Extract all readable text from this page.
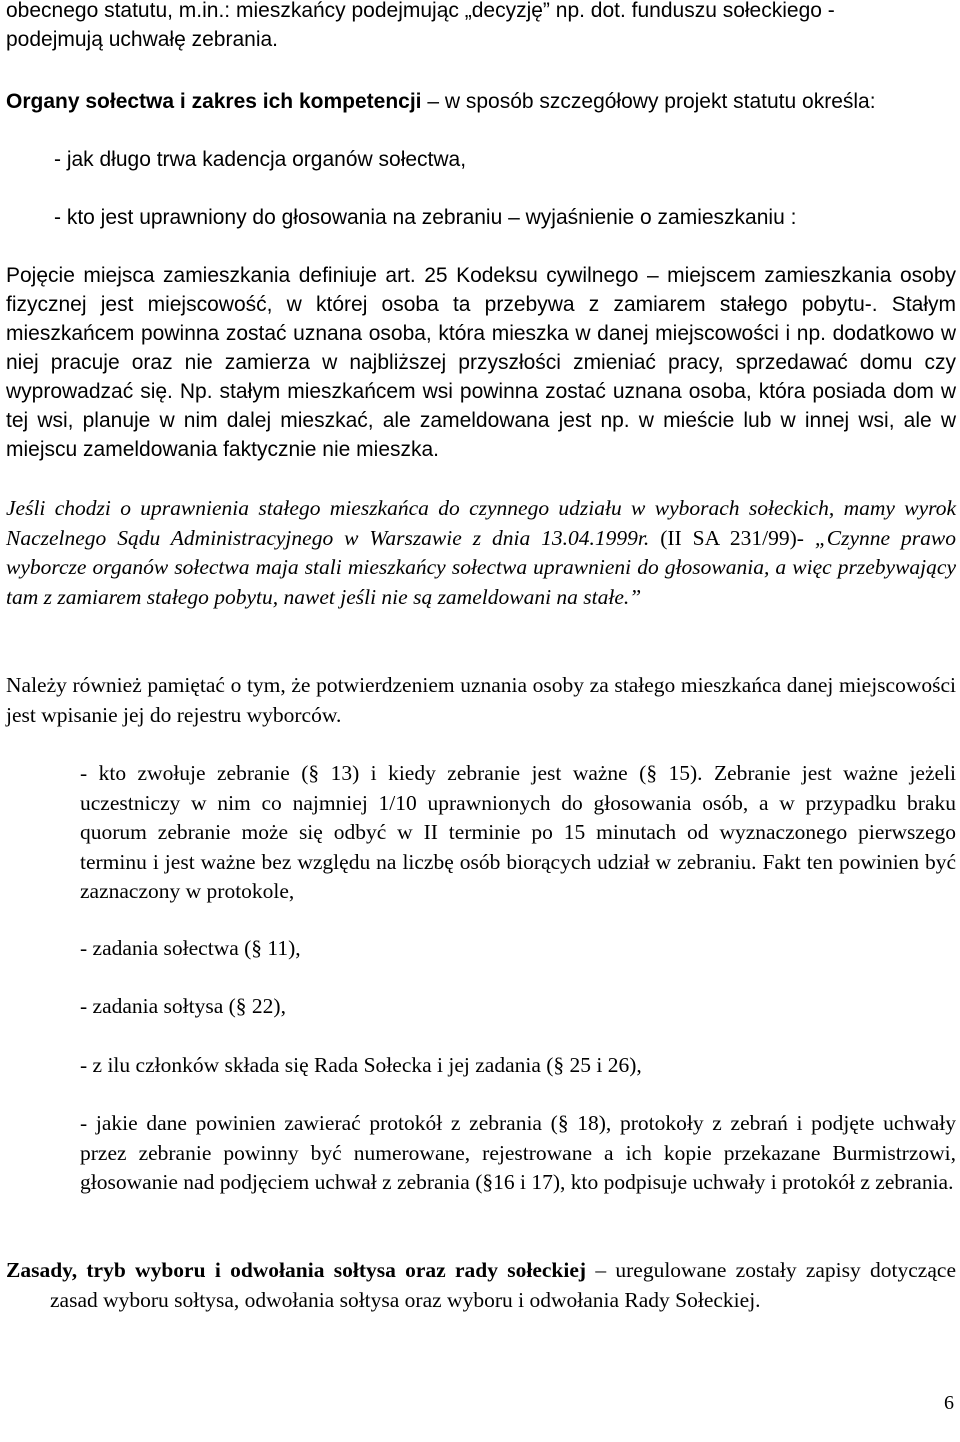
obecnego statutu, m.in.: mieszkańcy podejmując „decyzję” np. dot. funduszu sołeckiego -
podejmują uchwałę zebrania.

Organy sołectwa i zakres ich kompetencji – w sposób szczegółowy projekt statutu określa:

- jak długo trwa kadencja organów sołectwa,

- kto jest uprawniony do głosowania na zebraniu – wyjaśnienie o zamieszkaniu :

Pojęcie miejsca zamieszkania definiuje art. 25 Kodeksu cywilnego – miejscem zamieszkania osoby fizycznej jest miejscowość, w której osoba ta przebywa z zamiarem stałego pobytu-. Stałym mieszkańcem powinna zostać uznana osoba, która mieszka w danej miejscowości i np. dodatkowo w niej pracuje oraz nie zamierza w najbliższej przyszłości zmieniać pracy, sprzedawać domu czy wyprowadzać się. Np. stałym mieszkańcem wsi powinna zostać uznana osoba, która posiada dom w tej wsi, planuje w nim dalej mieszkać, ale zameldowana jest np. w mieście lub w innej wsi, ale w miejscu zameldowania faktycznie nie mieszka.

Jeśli chodzi o uprawnienia stałego mieszkańca do czynnego udziału w wyborach sołeckich, mamy wyrok Naczelnego Sądu Administracyjnego w Warszawie z dnia 13.04.1999r. (II SA 231/99)- „Czynne prawo wyborcze organów sołectwa maja stali mieszkańcy sołectwa uprawnieni do głosowania, a więc przebywający tam z zamiarem stałego pobytu, nawet jeśli nie są zameldowani na stałe.”

Należy również pamiętać o tym, że potwierdzeniem uznania osoby za stałego mieszkańca danej miejscowości jest wpisanie jej do rejestru wyborców.

- kto zwołuje zebranie (§ 13) i kiedy zebranie jest ważne (§ 15). Zebranie jest ważne jeżeli uczestniczy w nim co najmniej 1/10 uprawnionych do głosowania osób, a w przypadku braku quorum zebranie może się odbyć w II terminie po 15 minutach od wyznaczonego pierwszego terminu i jest ważne bez względu na liczbę osób biorących udział w zebraniu. Fakt ten powinien być zaznaczony w protokole,

- zadania sołectwa (§ 11),

- zadania sołtysa (§ 22),

- z ilu członków składa się Rada Sołecka i jej zadania (§ 25 i 26),

- jakie dane powinien zawierać protokół z zebrania (§ 18), protokoły z zebrań i podjęte uchwały przez zebranie powinny być numerowane, rejestrowane a ich kopie przekazane Burmistrzowi, głosowanie nad podjęciem uchwał z zebrania (§16 i 17), kto podpisuje uchwały i protokół z zebrania.

Zasady, tryb wyboru i odwołania sołtysa oraz rady sołeckiej – uregulowane zostały zapisy dotyczące zasad wyboru sołtysa, odwołania sołtysa oraz wyboru i odwołania Rady Sołeckiej.

6
